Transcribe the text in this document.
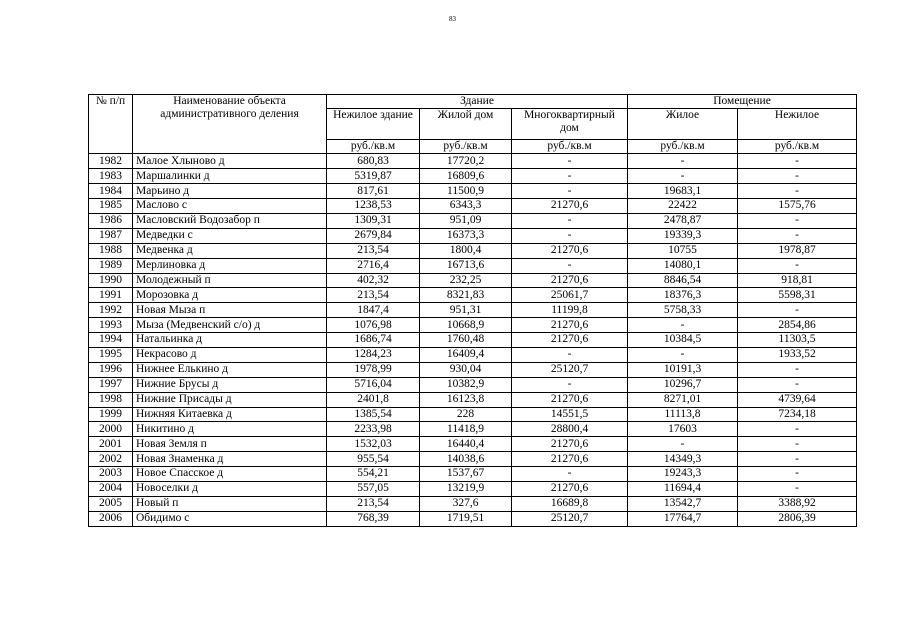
83
№ п/п	Наименование объекта административного деления	Здание			Помещение	
		Нежилое здание	Жилой дом	Многоквартирный дом	Жилое	Нежилое
		руб./кв.м	руб./кв.м	руб./кв.м	руб./кв.м	руб./кв.м
1982	Малое Хлыново д	680,83	17720,2	-	-	-
1983	Маршалинки д	5319,87	16809,6	-	-	-
1984	Марьино д	817,61	11500,9	-	19683,1	-
1985	Маслово с	1238,53	6343,3	21270,6	22422	1575,76
1986	Масловский Водозабор п	1309,31	951,09	-	2478,87	-
1987	Медведки с	2679,84	16373,3	-	19339,3	-
1988	Медвенка д	213,54	1800,4	21270,6	10755	1978,87
1989	Мерлиновка д	2716,4	16713,6	-	14080,1	-
1990	Молодежный п	402,32	232,25	21270,6	8846,54	918,81
1991	Морозовка д	213,54	8321,83	25061,7	18376,3	5598,31
1992	Новая Мыза п	1847,4	951,31	11199,8	5758,33	-
1993	Мыза (Медвенский с/о) д	1076,98	10668,9	21270,6	-	2854,86
1994	Натальинка д	1686,74	1760,48	21270,6	10384,5	11303,5
1995	Некрасово д	1284,23	16409,4	-	-	1933,52
1996	Нижнее Елькино д	1978,99	930,04	25120,7	10191,3	-
1997	Нижние Брусы д	5716,04	10382,9	-	10296,7	-
1998	Нижние Присады д	2401,8	16123,8	21270,6	8271,01	4739,64
1999	Нижняя Китаевка д	1385,54	228	14551,5	11113,8	7234,18
2000	Никитино д	2233,98	11418,9	28800,4	17603	-
2001	Новая Земля п	1532,03	16440,4	21270,6	-	-
2002	Новая Знаменка д	955,54	14038,6	21270,6	14349,3	-
2003	Новое Спасское д	554,21	1537,67	-	19243,3	-
2004	Новоселки д	557,05	13219,9	21270,6	11694,4	-
2005	Новый п	213,54	327,6	16689,8	13542,7	3388,92
2006	Обидимо с	768,39	1719,51	25120,7	17764,7	2806,39
